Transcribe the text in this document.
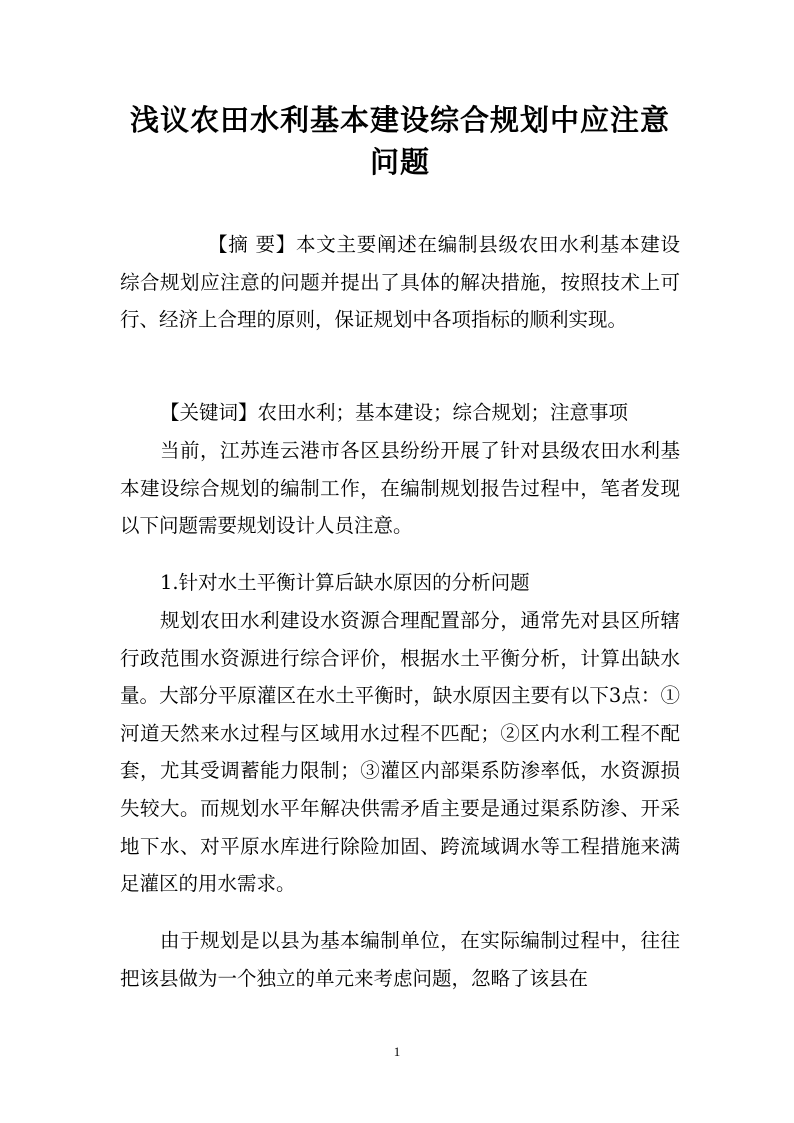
浅议农田水利基本建设综合规划中应注意
问题

【摘 要】本文主要阐述在编制县级农田水利基本建设综合规划应注意的问题并提出了具体的解决措施，按照技术上可行、经济上合理的原则，保证规划中各项指标的顺利实现。

【关键词】农田水利；基本建设；综合规划；注意事项

当前，江苏连云港市各区县纷纷开展了针对县级农田水利基本建设综合规划的编制工作，在编制规划报告过程中，笔者发现以下问题需要规划设计人员注意。

1.针对水土平衡计算后缺水原因的分析问题

规划农田水利建设水资源合理配置部分，通常先对县区所辖行政范围水资源进行综合评价，根据水土平衡分析，计算出缺水量。大部分平原灌区在水土平衡时，缺水原因主要有以下3点：①河道天然来水过程与区域用水过程不匹配；②区内水利工程不配套，尤其受调蓄能力限制；③灌区内部渠系防渗率低，水资源损失较大。而规划水平年解决供需矛盾主要是通过渠系防渗、开采地下水、对平原水库进行除险加固、跨流域调水等工程措施来满足灌区的用水需求。

由于规划是以县为基本编制单位，在实际编制过程中，往往把该县做为一个独立的单元来考虑问题，忽略了该县在

1
